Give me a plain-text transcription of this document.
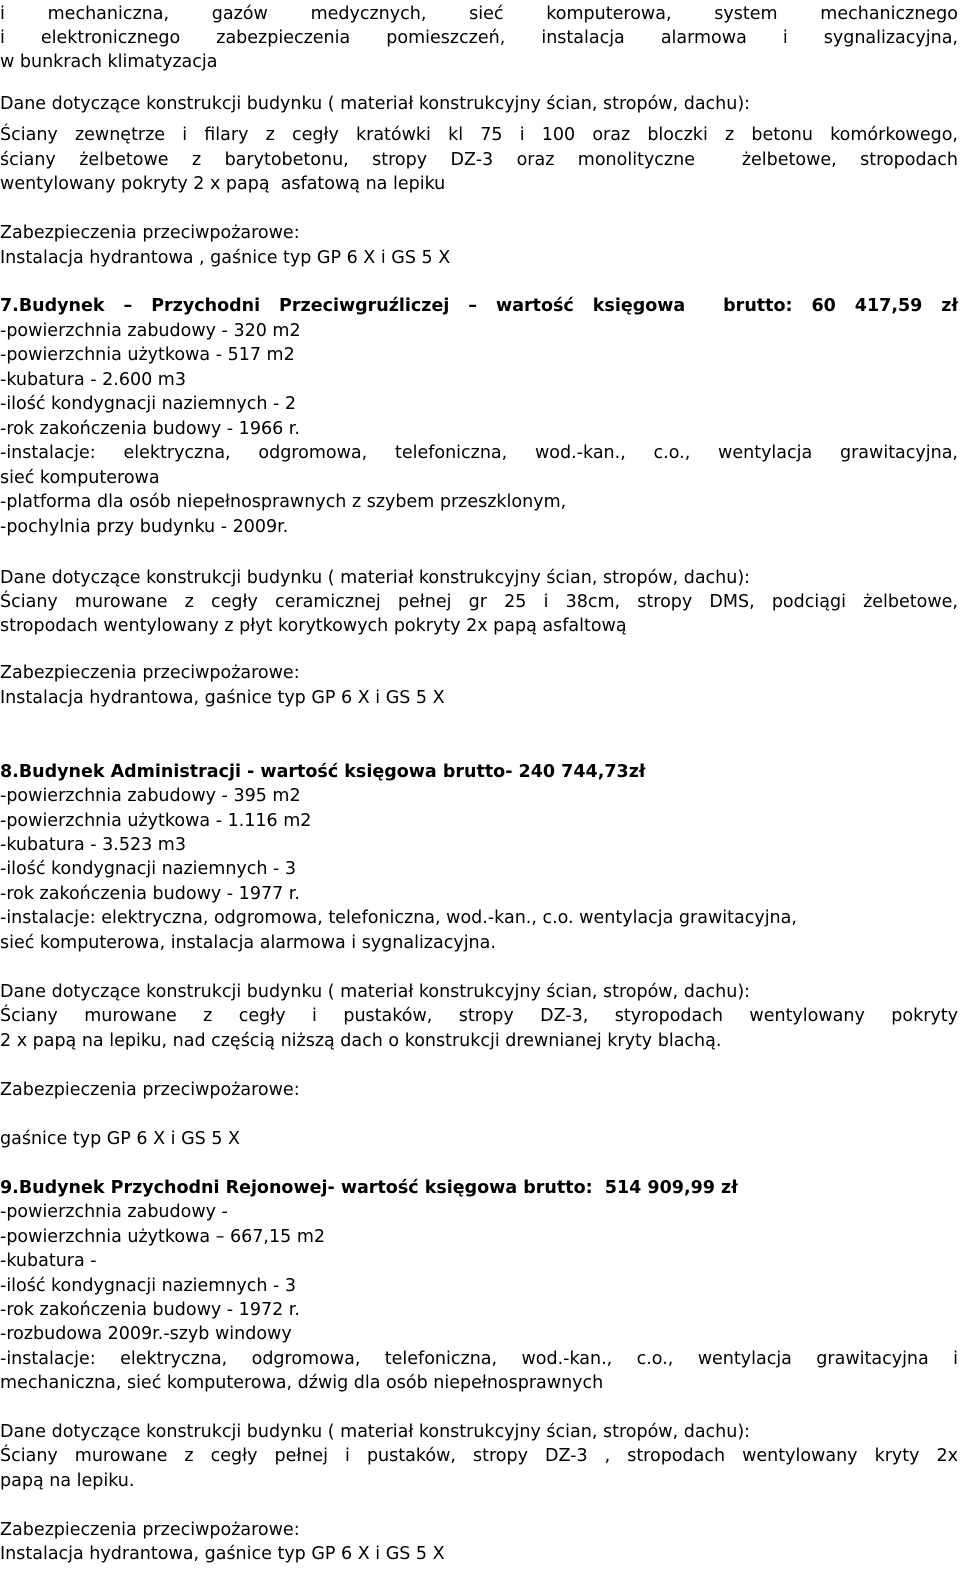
i mechaniczna, gazów medycznych, sieć komputerowa, system mechanicznego

i elektronicznego zabezpieczenia pomieszczeń, instalacja alarmowa i sygnalizacyjna,

w bunkrach klimatyzacja

Dane dotyczące konstrukcji budynku ( materiał konstrukcyjny ścian, stropów, dachu):

Ściany zewnętrze i filary z cegły kratówki kl 75 i 100 oraz bloczki z betonu komórkowego,

ściany żelbetowe z barytobetonu, stropy DZ-3 oraz monolityczne  żelbetowe, stropodach

wentylowany pokryty 2 x papą  asfatową na lepiku

Zabezpieczenia przeciwpożarowe:

Instalacja hydrantowa , gaśnice typ GP 6 X i GS 5 X

7.Budynek – Przychodni Przeciwgruźliczej – wartość księgowa  brutto: 60 417,59 zł

-powierzchnia zabudowy - 320 m2

-powierzchnia użytkowa - 517 m2

-kubatura - 2.600 m3

-ilość kondygnacji naziemnych - 2

-rok zakończenia budowy - 1966 r.

-instalacje: elektryczna, odgromowa, telefoniczna, wod.-kan., c.o., wentylacja grawitacyjna,

sieć komputerowa

-platforma dla osób niepełnosprawnych z szybem przeszklonym,

-pochylnia przy budynku - 2009r.

Dane dotyczące konstrukcji budynku ( materiał konstrukcyjny ścian, stropów, dachu):

Ściany murowane z cegły ceramicznej pełnej gr 25 i 38cm, stropy DMS, podciągi żelbetowe,

stropodach wentylowany z płyt korytkowych pokryty 2x papą asfaltową

Zabezpieczenia przeciwpożarowe:

Instalacja hydrantowa, gaśnice typ GP 6 X i GS 5 X

8.Budynek Administracji - wartość księgowa brutto- 240 744,73zł

-powierzchnia zabudowy - 395 m2

-powierzchnia użytkowa - 1.116 m2

-kubatura - 3.523 m3

-ilość kondygnacji naziemnych - 3

-rok zakończenia budowy - 1977 r.

-instalacje: elektryczna, odgromowa, telefoniczna, wod.-kan., c.o. wentylacja grawitacyjna,

sieć komputerowa, instalacja alarmowa i sygnalizacyjna.

Dane dotyczące konstrukcji budynku ( materiał konstrukcyjny ścian, stropów, dachu):

Ściany murowane z cegły i pustaków, stropy DZ-3, styropodach wentylowany pokryty

2 x papą na lepiku, nad częścią niższą dach o konstrukcji drewnianej kryty blachą.

Zabezpieczenia przeciwpożarowe:

gaśnice typ GP 6 X i GS 5 X

9.Budynek Przychodni Rejonowej- wartość księgowa brutto:  514 909,99 zł

-powierzchnia zabudowy -

-powierzchnia użytkowa – 667,15 m2

-kubatura -

-ilość kondygnacji naziemnych - 3

-rok zakończenia budowy - 1972 r.

-rozbudowa 2009r.-szyb windowy

-instalacje: elektryczna, odgromowa, telefoniczna, wod.-kan., c.o., wentylacja grawitacyjna i

mechaniczna, sieć komputerowa, dźwig dla osób niepełnosprawnych

Dane dotyczące konstrukcji budynku ( materiał konstrukcyjny ścian, stropów, dachu):

Ściany murowane z cegły pełnej i pustaków, stropy DZ-3 , stropodach wentylowany kryty 2x

papą na lepiku.

Zabezpieczenia przeciwpożarowe:

Instalacja hydrantowa, gaśnice typ GP 6 X i GS 5 X
